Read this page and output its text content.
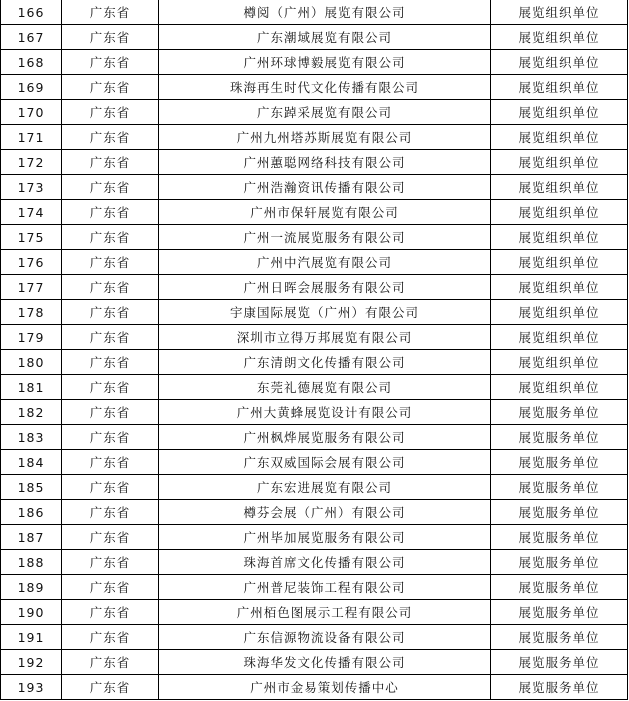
166	广东省	樽阅（广州）展览有限公司	展览组织单位
167	广东省	广东潮域展览有限公司	展览组织单位
168	广东省	广州环球博毅展览有限公司	展览组织单位
169	广东省	珠海再生时代文化传播有限公司	展览组织单位
170	广东省	广东踔采展览有限公司	展览组织单位
171	广东省	广州九州塔苏斯展览有限公司	展览组织单位
172	广东省	广州蕙聪网络科技有限公司	展览组织单位
173	广东省	广州浩瀚资讯传播有限公司	展览组织单位
174	广东省	广州市保轩展览有限公司	展览组织单位
175	广东省	广州一流展览服务有限公司	展览组织单位
176	广东省	广州中汽展览有限公司	展览组织单位
177	广东省	广州日晖会展服务有限公司	展览组织单位
178	广东省	宇康国际展览（广州）有限公司	展览组织单位
179	广东省	深圳市立得万邦展览有限公司	展览组织单位
180	广东省	广东清朗文化传播有限公司	展览组织单位
181	广东省	东莞礼德展览有限公司	展览组织单位
182	广东省	广州大黄蜂展览设计有限公司	展览服务单位
183	广东省	广州枫烨展览服务有限公司	展览服务单位
184	广东省	广东双威国际会展有限公司	展览服务单位
185	广东省	广东宏进展览有限公司	展览服务单位
186	广东省	樽芬会展（广州）有限公司	展览服务单位
187	广东省	广州毕加展览服务有限公司	展览服务单位
188	广东省	珠海首席文化传播有限公司	展览服务单位
189	广东省	广州普尼装饰工程有限公司	展览服务单位
190	广东省	广州栢色图展示工程有限公司	展览服务单位
191	广东省	广东信源物流设备有限公司	展览服务单位
192	广东省	珠海华发文化传播有限公司	展览服务单位
193	广东省	广州市金易策划传播中心	展览服务单位
